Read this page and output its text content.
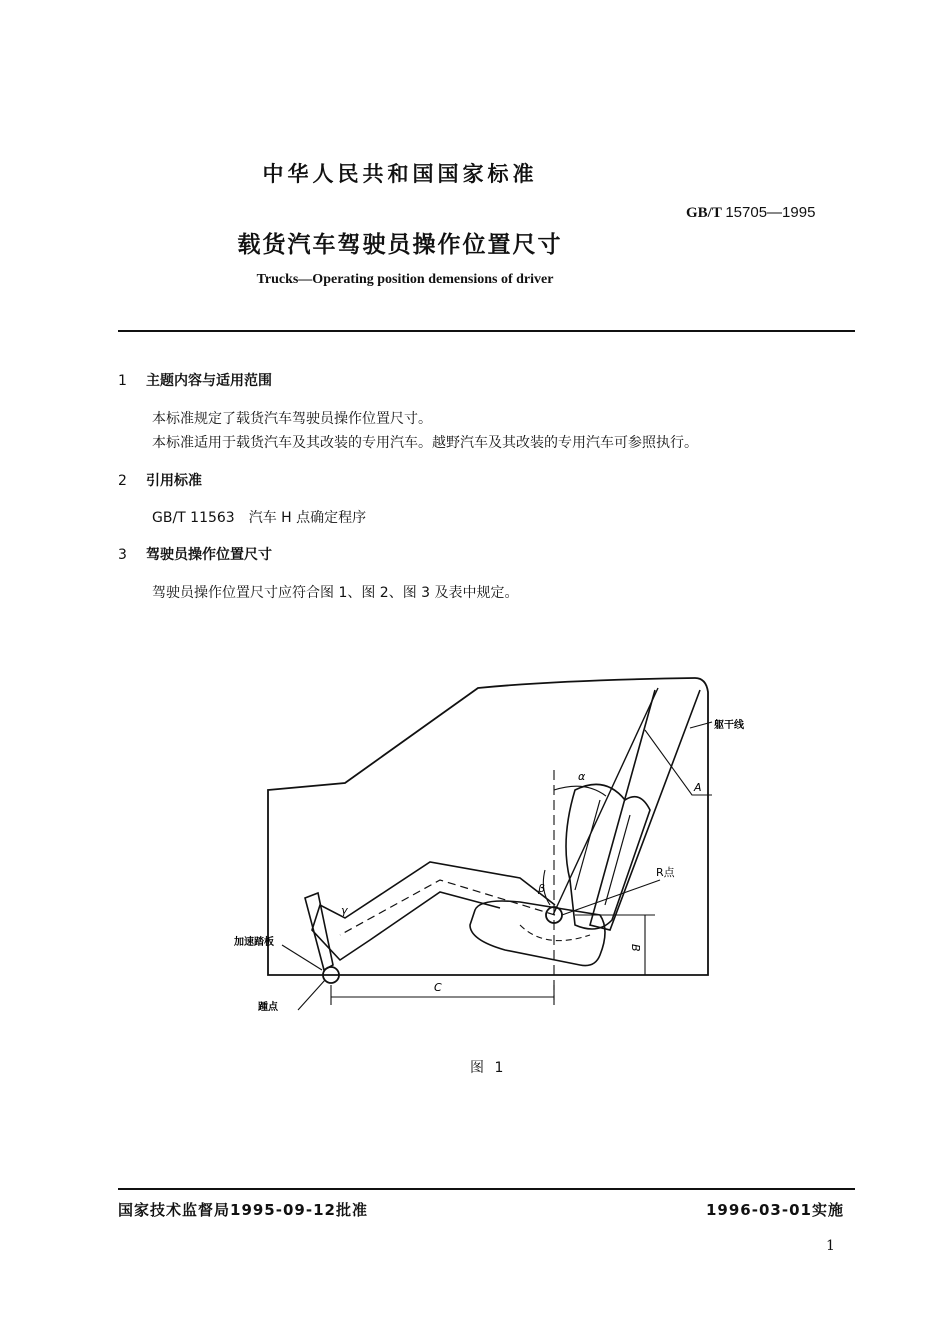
中华人民共和国国家标准
GB/T 15705—1995
载货汽车驾驶员操作位置尺寸
Trucks—Operating position demensions of driver
1 主题内容与适用范围
本标准规定了载货汽车驾驶员操作位置尺寸。
本标准适用于载货汽车及其改装的专用汽车。越野汽车及其改装的专用汽车可参照执行。
2 引用标准
GB/T 11563　汽车 H 点确定程序
3 驾驶员操作位置尺寸
驾驶员操作位置尺寸应符合图 1、图 2、图 3 及表中规定。
躯干线
A
α
β
γ
R点
B
C
加速踏板
踵点
图 1
国家技术监督局1995-09-12批准	1996-03-01实施
1
